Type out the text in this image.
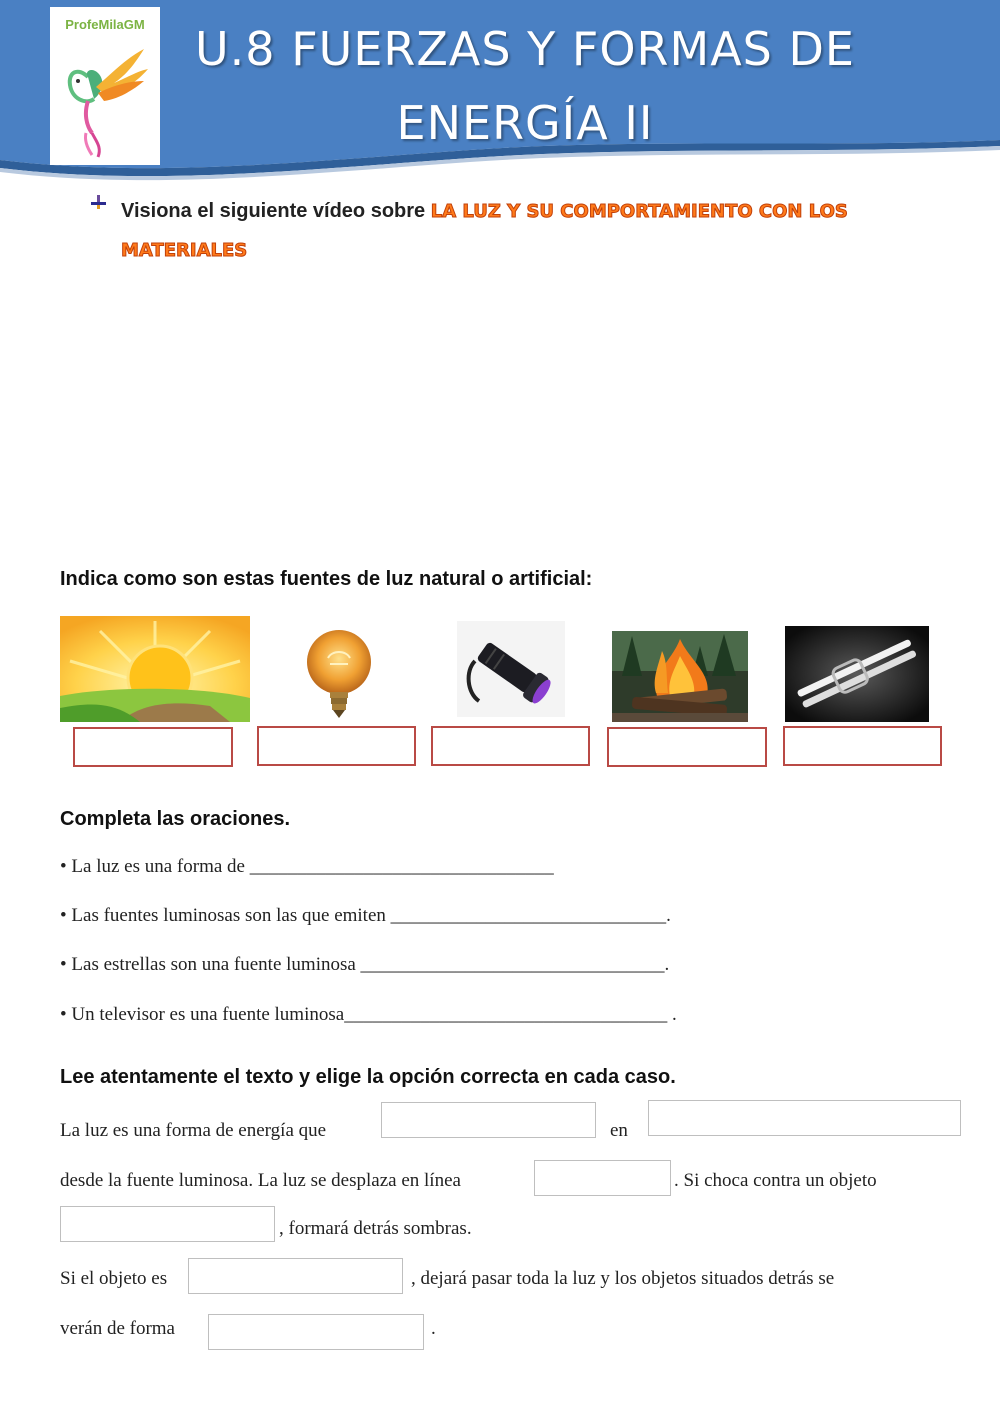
ProfeMilaGM	U.8 FUERZAS Y FORMAS DE
ENERGÍA II
Visiona el siguiente vídeo sobre LA LUZ Y SU COMPORTAMIENTO CON LOS MATERIALES
Indica como son estas fuentes de luz natural o artificial:
Completa las oraciones.
• La luz es una forma de ________________________________
• Las fuentes luminosas son las que emiten _____________________________.
• Las estrellas son una fuente luminosa ________________________________.
• Un televisor es una fuente luminosa__________________________________ .
Lee atentamente el texto y elige la opción correcta en cada caso.
La luz es una forma de energía que	en
desde la fuente luminosa. La luz se desplaza en línea	. Si choca contra un objeto
, formará detrás sombras.
Si el objeto es	, dejará pasar toda la luz y los objetos situados detrás se
verán de forma	.
